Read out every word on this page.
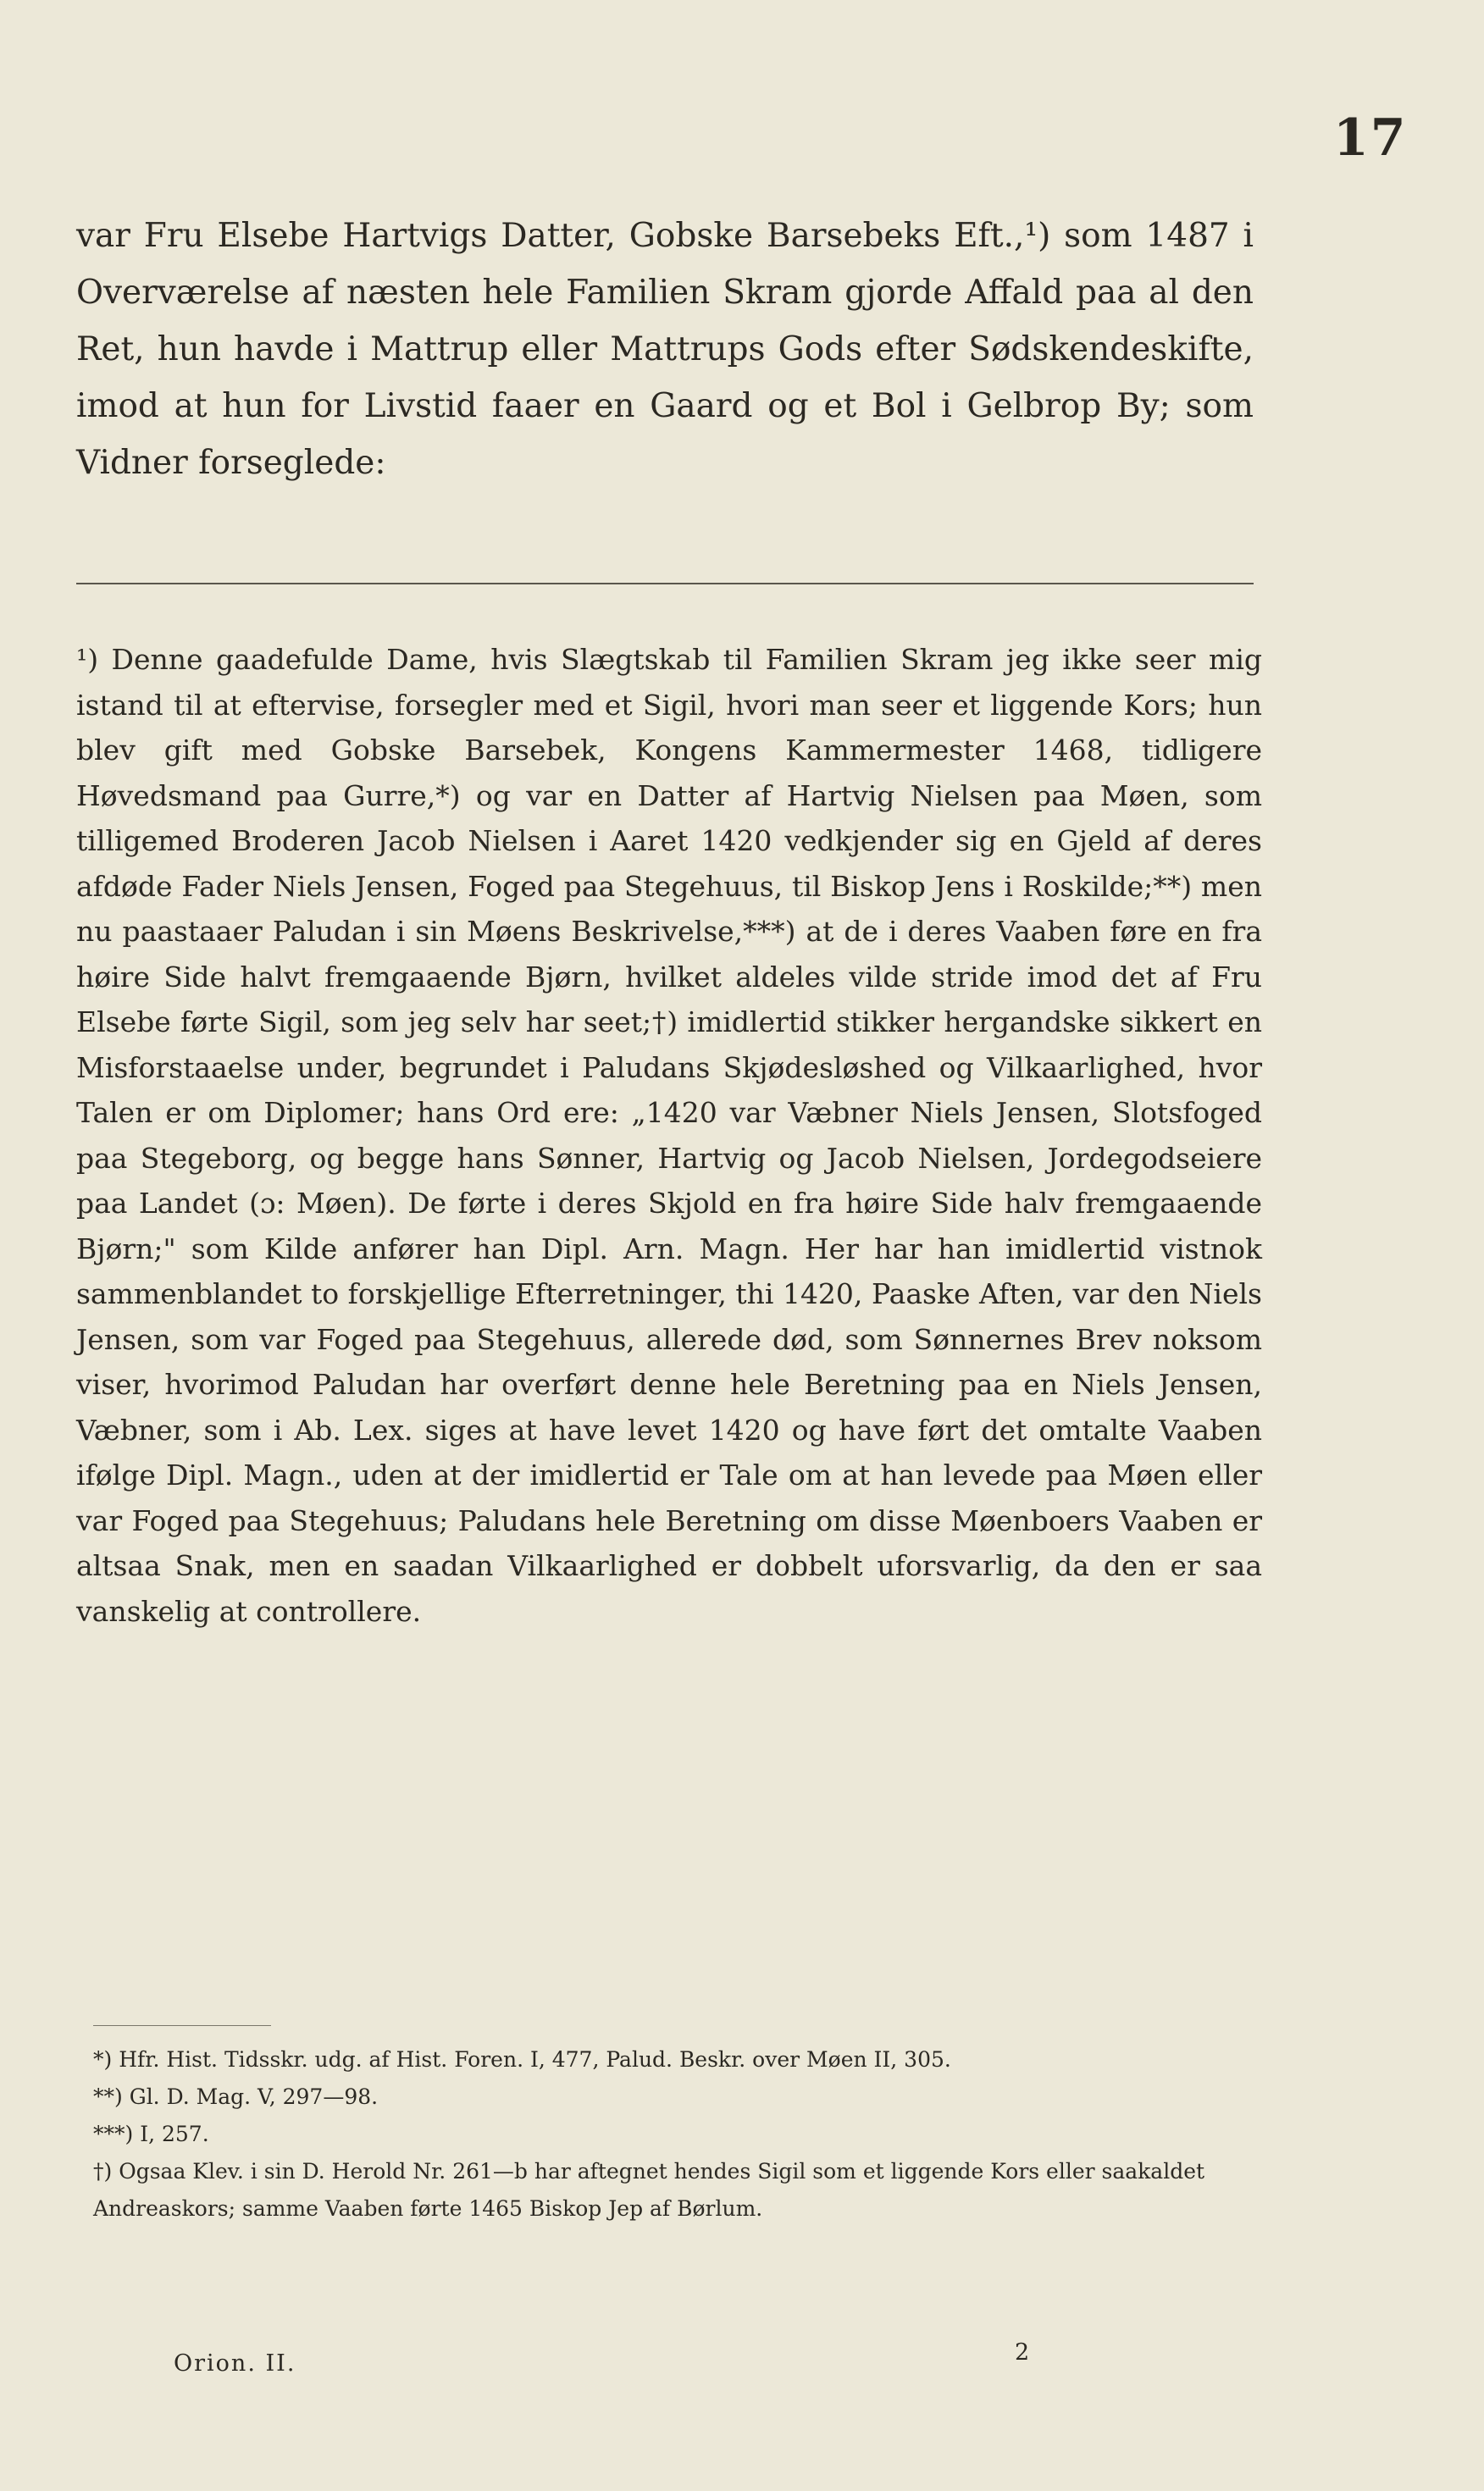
17

var Fru Elsebe Hartvigs Datter, Gobske Barsebeks Eft.,¹) som 1487 i Overværelse af næsten hele Familien Skram gjorde Affald paa al den Ret, hun havde i Mattrup eller Mattrups Gods efter Sødskendeskifte, imod at hun for Livstid faaer en Gaard og et Bol i Gelbrop By; som Vidner forseglede:

¹) Denne gaadefulde Dame, hvis Slægtskab til Familien Skram jeg ikke seer mig istand til at eftervise, forsegler med et Sigil, hvori man seer et liggende Kors; hun blev gift med Gobske Barsebek, Kongens Kammermester 1468, tidligere Høvedsmand paa Gurre,*) og var en Datter af Hartvig Nielsen paa Møen, som tilligemed Broderen Jacob Nielsen i Aaret 1420 vedkjender sig en Gjeld af deres afdøde Fader Niels Jensen, Foged paa Stegehuus, til Biskop Jens i Roskilde;**) men nu paastaaer Paludan i sin Møens Beskrivelse,***) at de i deres Vaaben føre en fra høire Side halvt fremgaaende Bjørn, hvilket aldeles vilde stride imod det af Fru Elsebe førte Sigil, som jeg selv har seet;†) imidlertid stikker hergandske sikkert en Misforstaaelse under, begrundet i Paludans Skjødesløshed og Vilkaarlighed, hvor Talen er om Diplomer; hans Ord ere: „1420 var Væbner Niels Jensen, Slotsfoged paa Stegeborg, og begge hans Sønner, Hartvig og Jacob Nielsen, Jordegodseiere paa Landet (ɔ: Møen). De førte i deres Skjold en fra høire Side halv fremgaaende Bjørn;" som Kilde anfører han Dipl. Arn. Magn. Her har han imidlertid vistnok sammenblandet to forskjellige Efterretninger, thi 1420, Paaske Aften, var den Niels Jensen, som var Foged paa Stegehuus, allerede død, som Sønnernes Brev noksom viser, hvorimod Paludan har overført denne hele Beretning paa en Niels Jensen, Væbner, som i Ab. Lex. siges at have levet 1420 og have ført det omtalte Vaaben ifølge Dipl. Magn., uden at der imidlertid er Tale om at han levede paa Møen eller var Foged paa Stegehuus; Paludans hele Beretning om disse Møenboers Vaaben er altsaa Snak, men en saadan Vilkaarlighed er dobbelt uforsvarlig, da den er saa vanskelig at controllere.

*) Hfr. Hist. Tidsskr. udg. af Hist. Foren. I, 477, Palud. Beskr. over Møen II, 305.

**) Gl. D. Mag. V, 297—98.

***) I, 257.

†) Ogsaa Klev. i sin D. Herold Nr. 261—b har aftegnet hendes Sigil som et liggende Kors eller saakaldet Andreaskors; samme Vaaben førte 1465 Biskop Jep af Børlum.

Orion. II.	2
